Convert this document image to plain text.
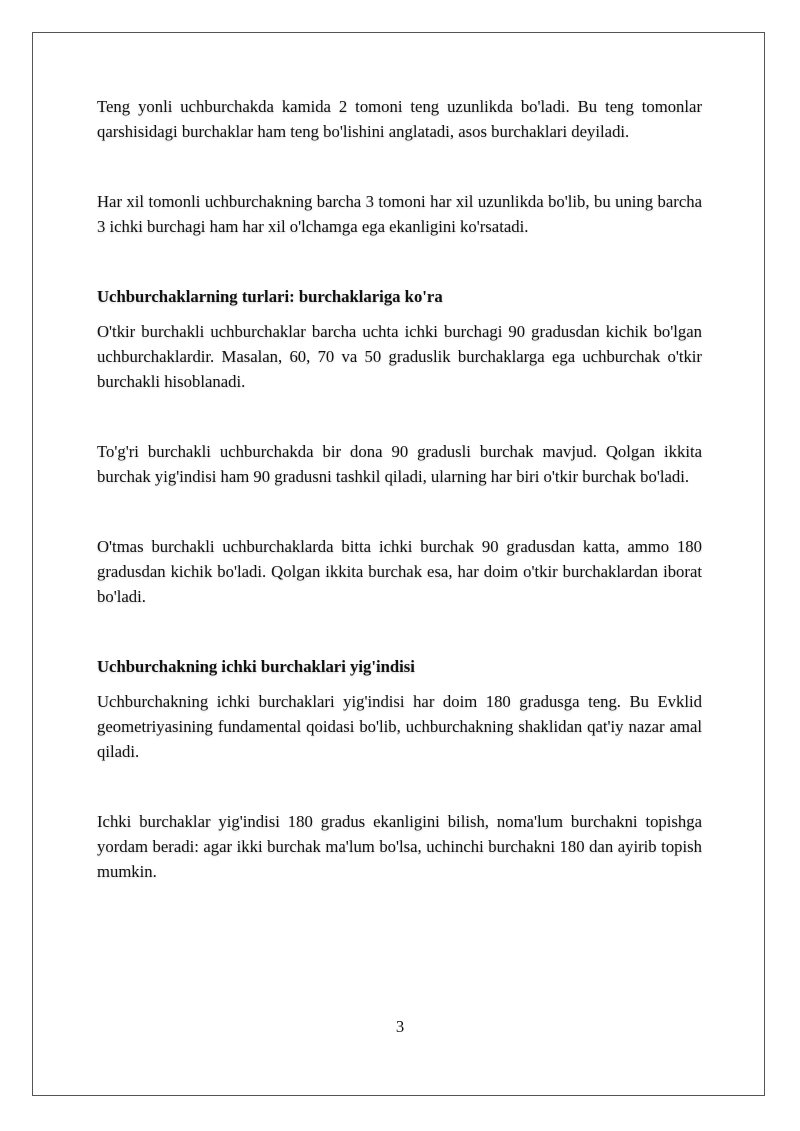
Teng yonli uchburchakda kamida 2 tomoni teng uzunlikda bo'ladi. Bu teng tomonlar qarshisidagi burchaklar ham teng bo'lishini anglatadi, asos burchaklari deyiladi.

Har xil tomonli uchburchakning barcha 3 tomoni har xil uzunlikda bo'lib, bu uning barcha 3 ichki burchagi ham har xil o'lchamga ega ekanligini ko'rsatadi.

Uchburchaklarning turlari: burchaklariga ko'ra

O'tkir burchakli uchburchaklar barcha uchta ichki burchagi 90 gradusdan kichik bo'lgan uchburchaklardir. Masalan, 60, 70 va 50 graduslik burchaklarga ega uchburchak o'tkir burchakli hisoblanadi.

To'g'ri burchakli uchburchakda bir dona 90 gradusli burchak mavjud. Qolgan ikkita burchak yig'indisi ham 90 gradusni tashkil qiladi, ularning har biri o'tkir burchak bo'ladi.

O'tmas burchakli uchburchaklarda bitta ichki burchak 90 gradusdan katta, ammo 180 gradusdan kichik bo'ladi. Qolgan ikkita burchak esa, har doim o'tkir burchaklardan iborat bo'ladi.

Uchburchakning ichki burchaklari yig'indisi

Uchburchakning ichki burchaklari yig'indisi har doim 180 gradusga teng. Bu Evklid geometriyasining fundamental qoidasi bo'lib, uchburchakning shaklidan qat'iy nazar amal qiladi.

Ichki burchaklar yig'indisi 180 gradus ekanligini bilish, noma'lum burchakni topishga yordam beradi: agar ikki burchak ma'lum bo'lsa, uchinchi burchakni 180 dan ayirib topish mumkin.

3
